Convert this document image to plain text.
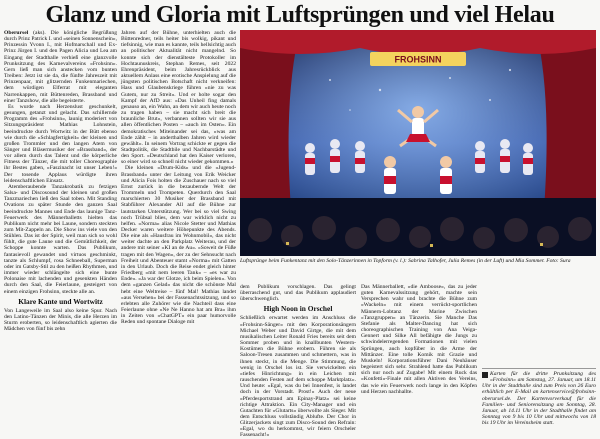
Glanz und Gloria mit Luftsprüngen und viel Helau

Oberursel (aks). Die königliche Begrüßung durch Prinz Patrick I. und »seinen Sonnenschein«, Prinzessin Yvonn I., mit Hofmarschall und Ex-Prinz Jürgen I. und den Pagen Alicia und Lea am Eingang der Stadthalle verhieß eine glanzvolle Prunksitzung des Karnevalvereins »Frohsinn«. Gern ließ man sich anstecken vom bunten Treiben: Jetzt ist sie da, die fünfte Jahreszeit mit Prinzenpaar, mit glitzernden Funkenmariechen, dem würdigen Elferrat mit eleganten Narrenkappen, mit Büttenreden, Brassband und einer Tanzshow, die alle begeisterte.

Es wurde nach Herzenslust geschunkelt, gesungen, getanzt und gelacht. Das schillernde Programm des »Frohsinn«, launig moderiert von Sitzungspräsident Mathias Lohnstein, beeindruckte durch Wortwitz in der Bütt ebenso wie durch die »Schlagfertigkeit« der kleinen und großen Trommler und den langen Atem von Sänger und Bläsermusiker der »Brassband«, der vor allem durch das Talent und die körperliche Fitness der Tänzer, die mit toller Choreographie ihr Bestes gaben, »Faszinacht ist unser Leben!« Der tosende Applaus würdigte ihren leidenschaftlichen Einsatz.

Atemberaubende Tanzakrobatik zu fetzigen Salsa- und Discosound der kleinen und großen Tanzmariechen ließ den Saal toben. Mit Standing Ovations zu später Stunde den ganzen Saal beeindruckte Mannes und Ende das launige Tanz-Feuerwerk des Männerballetts hielten das Publikum nicht mehr bei Laune, sondern steckten zum Mit-Zappeln an. Die Show ins viele von den Stühlen. Das ist der Spirit, weil man sich so wohl fühlt, die gute Laune und die Gemütlichkeit, der Schoppe konnte warten. Das Publikum, fantasievoll gewandet und virtuos geschminkt, tanzte als Schlumpf, rosa Schneeball, Superman oder im Gatsby-Stil zu den heißen Rhythmen, und immer wieder schlängelte sich eine bunte Polonaise mit lachenden und gesenkten Händen durch den Saal, die Feierlaune, gesteigert von einem einzigen Frohsinn, steckte alle an.

Klare Kante und Wortwitz

Von Langeweile im Saal also keine Spur. Nach den Latino-Tänzen der Minis, die alle Herzen im Sturm eroberten, so leidenschaftlich agierten die Mädchen von fünf bis zehn

Jahren auf der Bühne, unterhielten auch die Büttenredner, teils heiter bis wolkig, pikant und tiefsinnig, wie man es kannte, teils hellsichtig auch an politischer Aktualität nicht mangelnd. So konnte sich der dienstälteste Protokoller im Hochtaunuskreis, Stephan Remes, seit 2022 Ehrenpräsident, beim Jahresrückblick aus aktuellem Anlass eine erotische Anspielung auf die jüngsten politischen Botschaft nicht verkneifen: Hass und Glaubenskriege führen »nie zu was Gutem, nur zu Streit«. Und er holte sogar den Kampf der AfD aus: »Das Unheil fing damals genauso an, ein Wahn, an dem wir auch heute noch zu tragen haben – sie macht sich breit die braunliche Brut«, verbannen sollten wir sie aus allen öffentlichen Posten – »auch im Osten«. Ein demokratisches Miteinander sei das, »was am Ende zählt – in anderthalben Jahren wird wieder gewählt«. In seinem Vortrag schickte er gegen die Stadtpolitik, die Stadtbile und Nachbarstädte und den Sport. »Deutschland hat den Kaiser verloren, so einer wird so schnell nicht wieder gekommen.«

Die kleinen »Drum-Kids« und die »Jugend-Brassband« unter der Leitung von Erik Weicker und Alicia Fois holten die Zuschauer nach so viel Ernst zurück in die bezaubernde Welt der Trommeln und Trompeten. Querdurch den Saal marschierten 30 Musiker der Brassband mit Stabführer Alexander All auf die Bühne zur lautstarken Unterstützung. Wer bei so viel Swing noch Trübsal blies, dem war wirklich nicht zu helfen. »Norma« alias Nicole Stetter und Mathias Decker waren weitere Höhepunkte des Abends. Die eine als »Hausfrau im Wohnmobil«, das nicht weiter dachte an den Parkplatz Weiterau, und der andere mit seiner »KI an de Au«. »Soweit de Füße tragen mit den Wagen«, der zu der Sehnsucht nach Freiheit und Abenteuer stamt »Norma« mit Gatten in den Urlaub. Doch die Reise endet gleich hinter Friedberg »mit nem leeren Tank« – »es war zu Ende«. »Ja war der Glotze, ich beim Spielen«. Von dem »ganzen Gelad« das nicht die schönste Mal hebt eine Weltreise – fünf Mal! Mathias landet »aus Versehen« bei der Fassenachtssitzung, und so erlebten alle Zuhörer wie die Nachteil dass eine Feierlaune ohne »Ne Ne Hanno hat am Bra« ihm in Zeiten von »ChatGPT« ein paar humorvolle Reden und spontane Dialoge mit

FROHSINN
Luftsprünge beim Funkentanz mit den Solo-Tänzerinnen in Topform (v. l.): Sabrina Talhofer, Julia Remes (in der Luft) und Mia Sommer. Foto: Sura

dem Publikum vorschlagen. Das gelingt überraschend gut, und das Publikum applaudiert überschwenglich.

High Noon in Orschel

Schließlich erwartet werden im Anschluss die »Frohsinn-Sänger« mit den Korporationsängern Michael Weber und David Girtge, die mit dem musikalischen Leiter Ronald Fries bereits seit dem Sommer proben und in knallbunten Western-Kostümen die Bühne erobern. Führen sie als Saloon-Tresen zusammen und schmettern, was in ihnen steckt, in die Menge. Die Stimmung, die wenig in Orschel los ist. Sie verwickelten ein »tiefes Hinrichtung« in ein Leichen mit rauschenden Festen auf dem schoppe Marktplatz«. Und heute: »Egal, was du bei Innenfest, is landet doch in der Vorstadt. Prost!« Auch der neue »Pferdesportstrand am Epinay-Platz« sei keine richtige Attraktion. Ein City-Manager und ein Gutachten für »Glutarts« überwollte als Sieger. Mit dem Entschluss vollständig Ablufte. Der Chor in Glitzerjackets singt zum Disco-Sound den Refrain: »Egal, wo du herkommst, wir feiern Orscheler Fassenacht!«

Das Männerballett, »die Amboose«, das zu jeder guten Karnevalssitzung gehört, machte sein Versprechen wahr und brachte die Bühne zum »Wackeln« mit einem verrückt-sportlichen Männern-Lobtanz der Marine Zwischen »Tanzgruppen« an Tänzerin. Sie Manche Das Stefanie als Malter-Dancing hat sich choreographischen Training von Ana Veiga-Gennert und Silke All befähigte die Jungs zu schwindelerregenden Formationen mit vielen Sprüngen, auch kopfüber in die Arme der Mittänzer. Eine tolle Komik mit Grazie und Muskeln! Korporationsführer Dani Neuhäuser begeistert sich sehr. Strahlend hatte das Publikum sich nur noch auf Zugabe! Mit einem Ruck das »Konfetti«-Finale mit allen Aktiven des Vereins, das wie ein Feuerwerk noch lange in den Köpfen und Herzen nachhallte.

Karten für die dritte Prunksitzung des »Frohsinn« am Samstag, 27. Januar, um 18.11 Uhr in der Stadthalle sind zum Preis von 26 Euro erhältlich per E-Mail an kartenservice@frohsinn-oberursel.de. Der Kartenvorverkauf für die Familien- und Seniorensitzung am Sonntag, 28. Januar, ab 14.11 Uhr in der Stadthalle findet am Sonntag von 9 bis 10 Uhr und mittwochs von 18 bis 19 Uhr im Vereinsheim statt.
